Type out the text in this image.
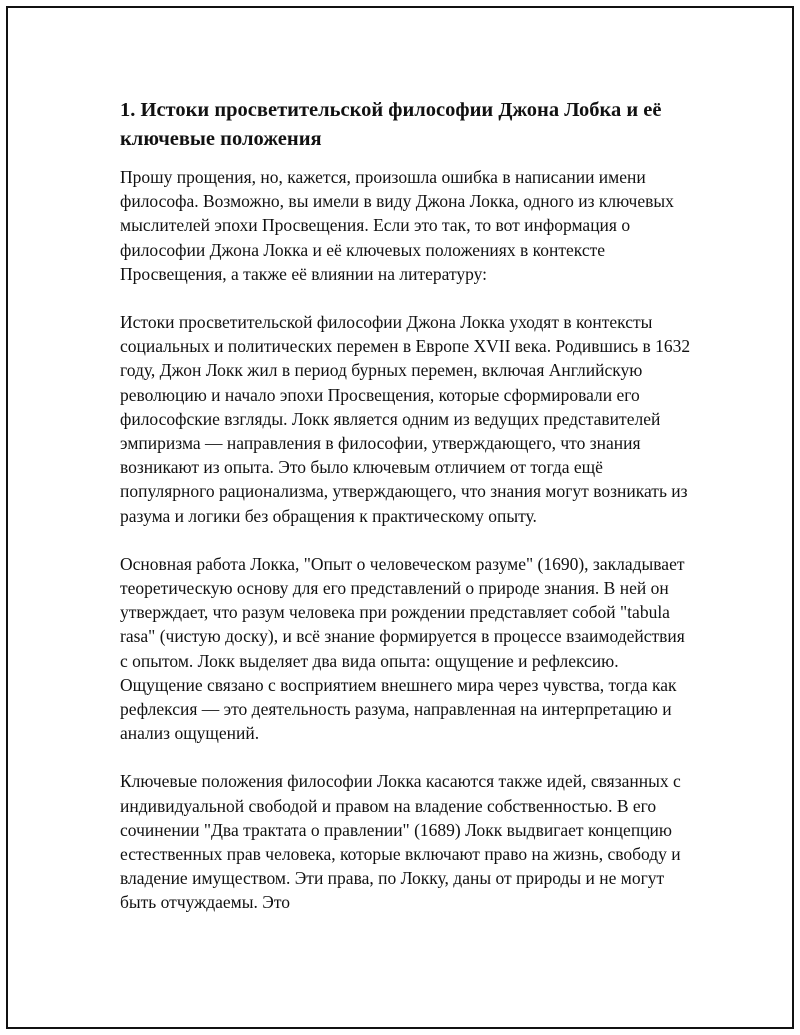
1. Истоки просветительской философии Джона Лобка и её ключевые положения

Прошу прощения, но, кажется, произошла ошибка в написании имени философа. Возможно, вы имели в виду Джона Локка, одного из ключевых мыслителей эпохи Просвещения. Если это так, то вот информация о философии Джона Локка и её ключевых положениях в контексте Просвещения, а также её влиянии на литературу:

Истоки просветительской философии Джона Локка уходят в контексты социальных и политических перемен в Европе XVII века. Родившись в 1632 году, Джон Локк жил в период бурных перемен, включая Английскую революцию и начало эпохи Просвещения, которые сформировали его философские взгляды. Локк является одним из ведущих представителей эмпиризма — направления в философии, утверждающего, что знания возникают из опыта. Это было ключевым отличием от тогда ещё популярного рационализма, утверждающего, что знания могут возникать из разума и логики без обращения к практическому опыту.

Основная работа Локка, "Опыт о человеческом разуме" (1690), закладывает теоретическую основу для его представлений о природе знания. В ней он утверждает, что разум человека при рождении представляет собой "tabula rasa" (чистую доску), и всё знание формируется в процессе взаимодействия с опытом. Локк выделяет два вида опыта: ощущение и рефлексию. Ощущение связано с восприятием внешнего мира через чувства, тогда как рефлексия — это деятельность разума, направленная на интерпретацию и анализ ощущений.

Ключевые положения философии Локка касаются также идей, связанных с индивидуальной свободой и правом на владение собственностью. В его сочинении "Два трактата о правлении" (1689) Локк выдвигает концепцию естественных прав человека, которые включают право на жизнь, свободу и владение имуществом. Эти права, по Локку, даны от природы и не могут быть отчуждаемы. Это
